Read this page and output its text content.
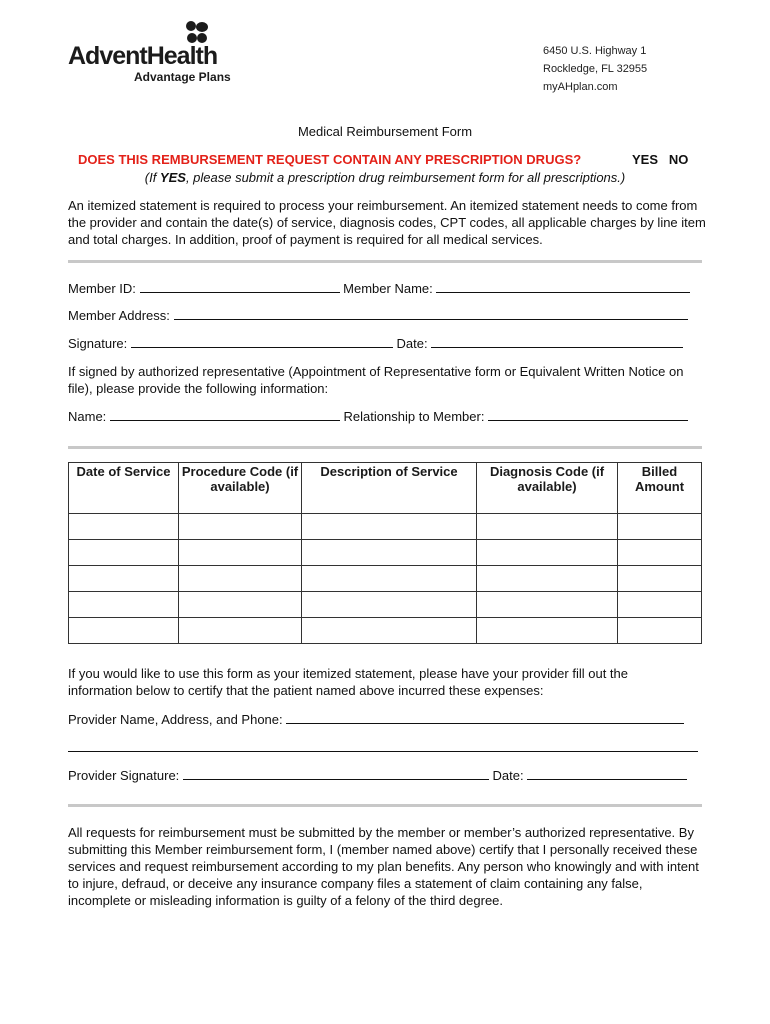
AdventHealth
Advantage Plans
6450 U.S. Highway 1
Rockledge, FL 32955
myAHplan.com
Medical Reimbursement Form
DOES THIS REMBURSEMENT REQUEST CONTAIN ANY PRESCRIPTION DRUGS?	YES NO
(If YES, please submit a prescription drug reimbursement form for all prescriptions.)
An itemized statement is required to process your reimbursement. An itemized statement needs to come from the provider and contain the date(s) of service, diagnosis codes, CPT codes, all applicable charges by line item and total charges. In addition, proof of payment is required for all medical services.
Member ID:	Member Name:
Member Address:
Signature:	Date:
If signed by authorized representative (Appointment of Representative form or Equivalent Written Notice on file), please provide the following information:
Name:	Relationship to Member:
Date of Service	Procedure Code (if available)	Description of Service	Diagnosis Code (if available)	Billed Amount

If you would like to use this form as your itemized statement, please have your provider fill out the information below to certify that the patient named above incurred these expenses:
Provider Name, Address, and Phone:
Provider Signature:	Date:
All requests for reimbursement must be submitted by the member or member’s authorized representative. By submitting this Member reimbursement form, I (member named above) certify that I personally received these services and request reimbursement according to my plan benefits. Any person who knowingly and with intent to injure, defraud, or deceive any insurance company files a statement of claim containing any false, incomplete or misleading information is guilty of a felony of the third degree.
